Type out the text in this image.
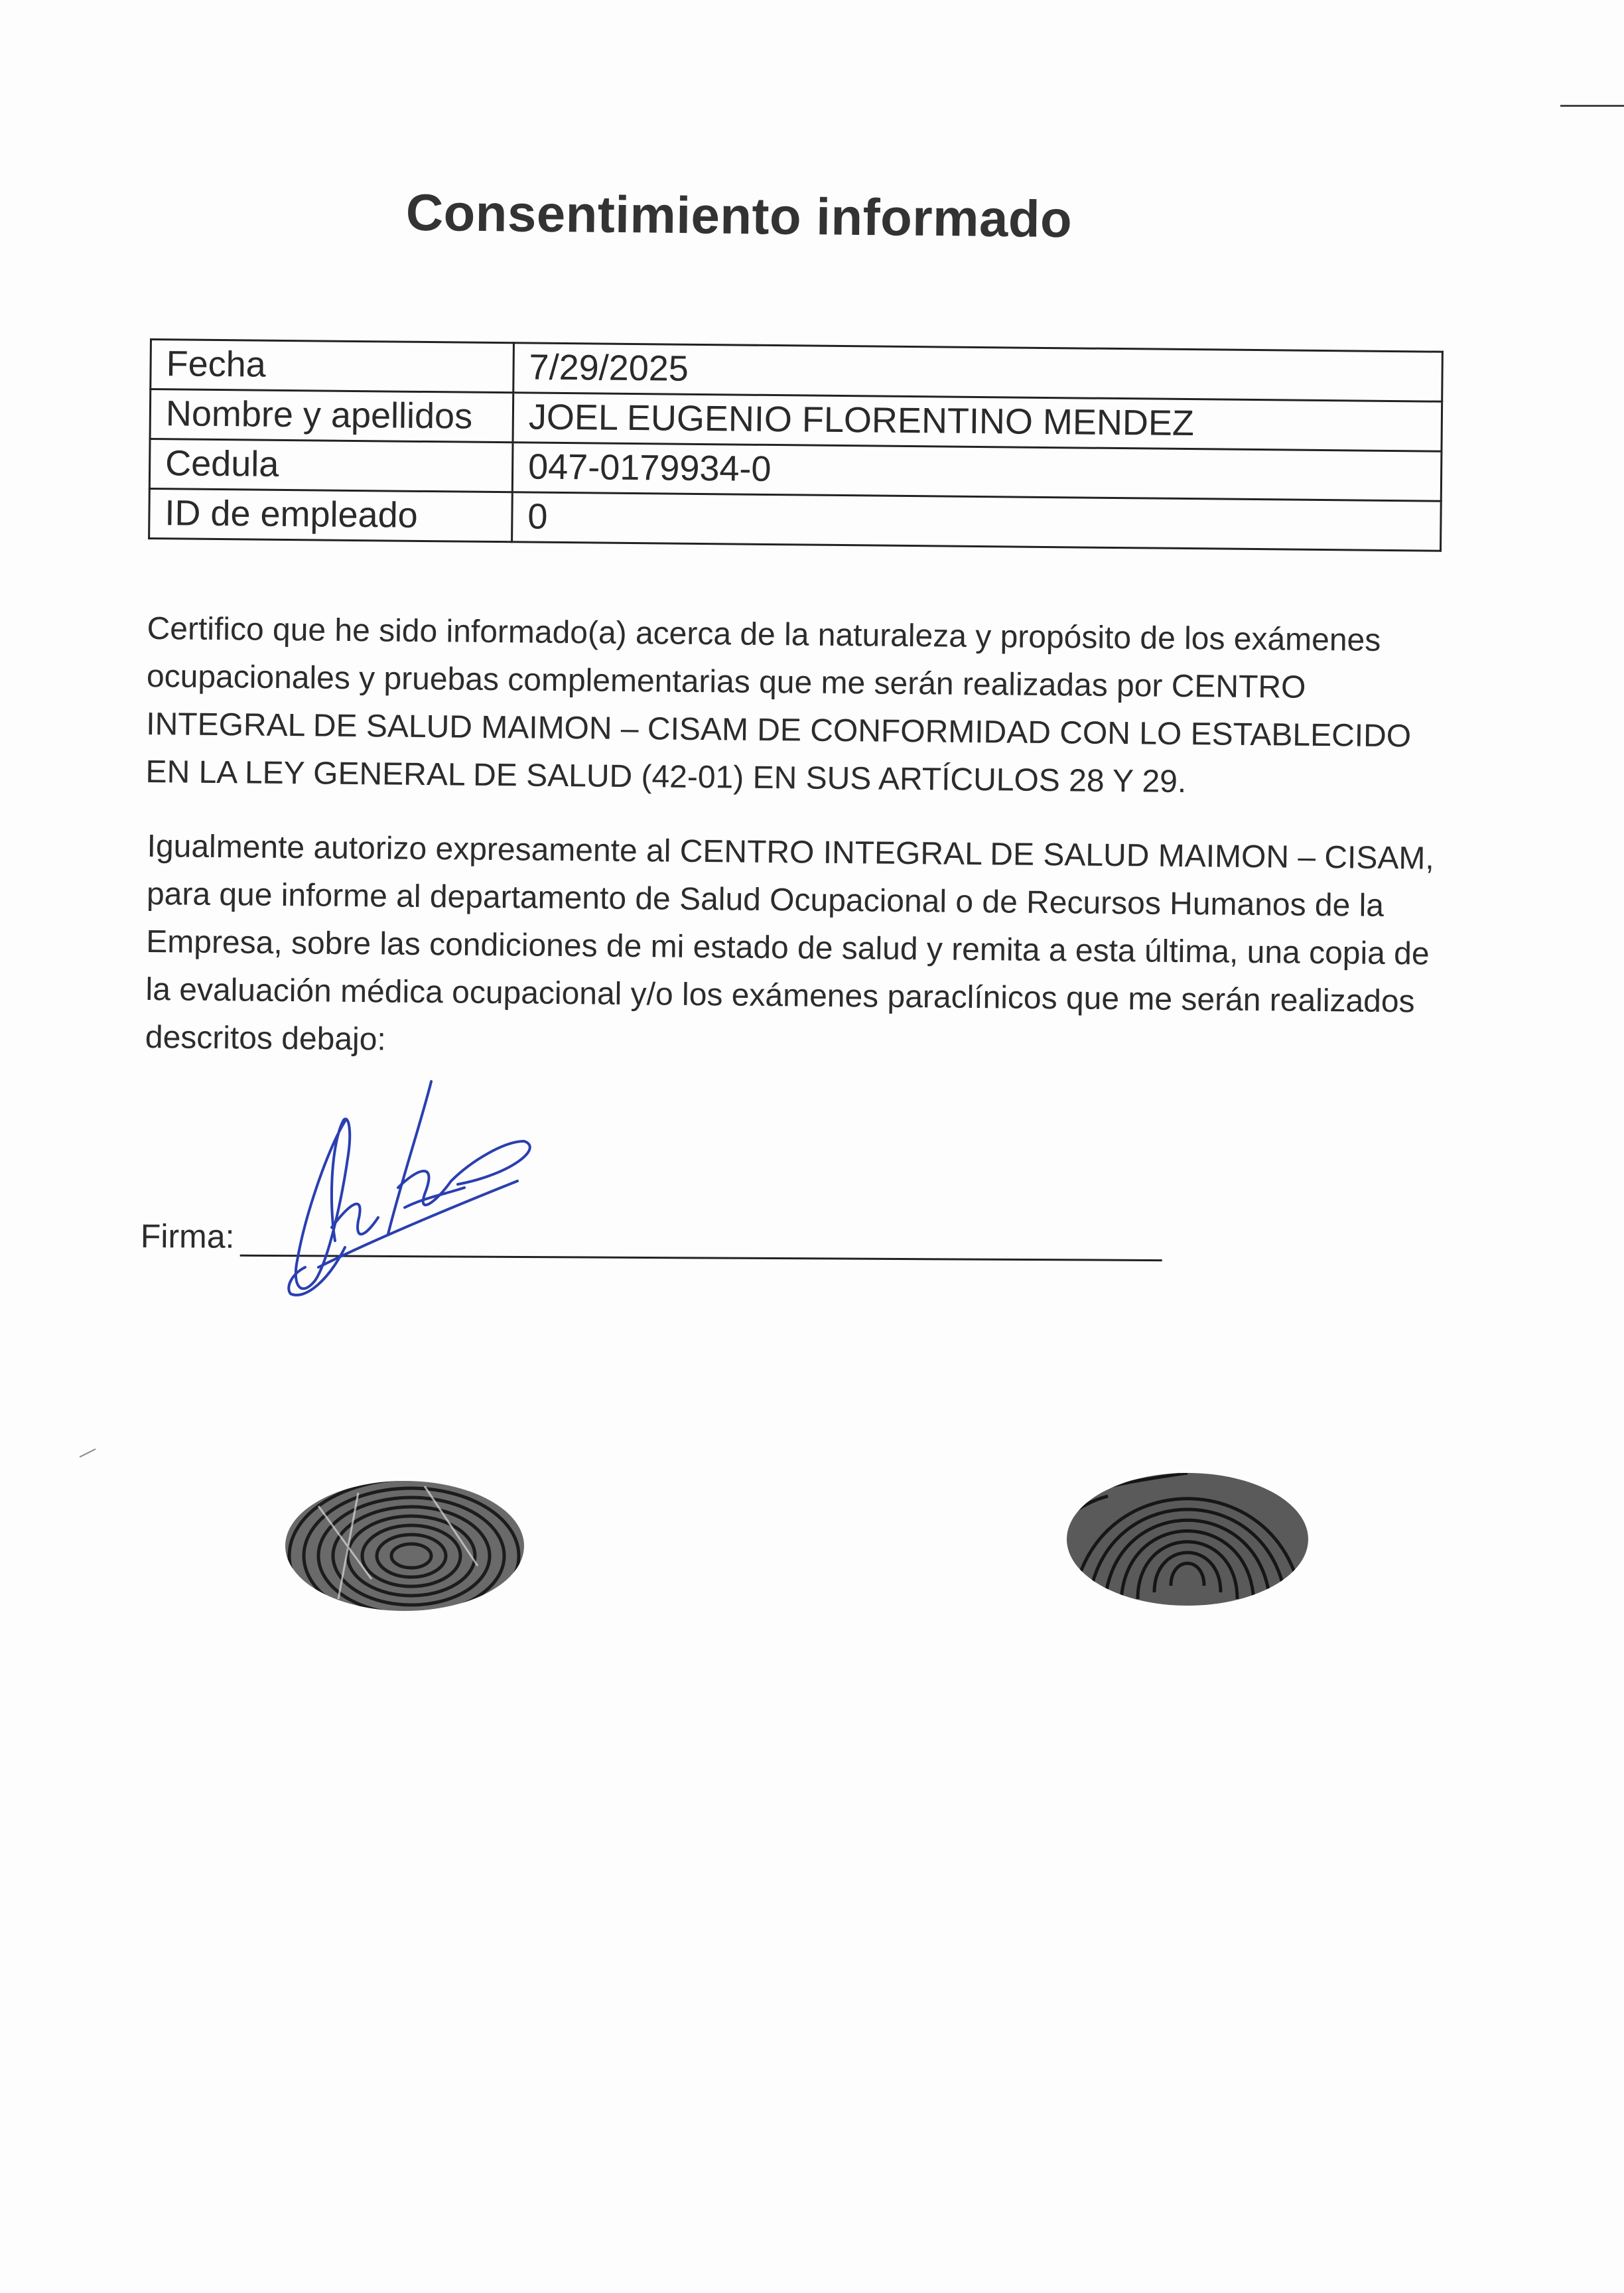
Consentimiento informado
Fecha	7/29/2025
Nombre y apellidos	JOEL EUGENIO FLORENTINO MENDEZ
Cedula	047-0179934-0
ID de empleado	0
Certifico que he sido informado(a) acerca de la naturaleza y propósito de los exámenes ocupacionales y pruebas complementarias que me serán realizadas por CENTRO INTEGRAL DE SALUD MAIMON – CISAM DE CONFORMIDAD CON LO ESTABLECIDO EN LA LEY GENERAL DE SALUD (42-01) EN SUS ARTÍCULOS 28 Y 29.
Igualmente autorizo expresamente al CENTRO INTEGRAL DE SALUD MAIMON – CISAM, para que informe al departamento de Salud Ocupacional o de Recursos Humanos de la Empresa, sobre las condiciones de mi estado de salud y remita a esta última, una copia de la evaluación médica ocupacional y/o los exámenes paraclínicos que me serán realizados descritos debajo:
Firma:
